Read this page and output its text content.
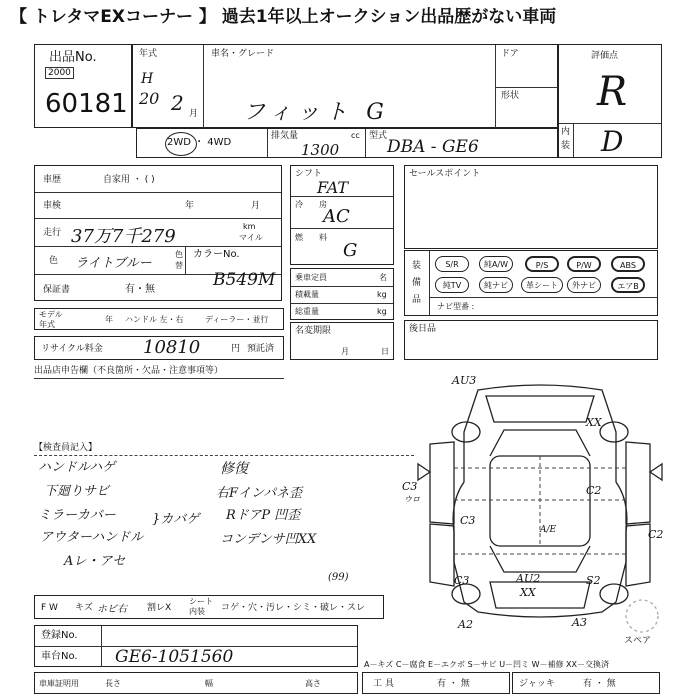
【 トレタマEXコーナー 】 過去1年以上オークション出品歴がない車両
出品No.
2000
60181
年式	車名・グレード	ドア
形状
H
20 2 月 フィット G
評価点
内
装
R
D
2WD ・ 4WD
排気量	cc
1300
型式
DBA - GE6
車歴	自家用 ・ ( )
車検	年	月
走行 37万7千279	km
マイル
色 ライトブルー
色
替
カラーNo.
保証書	有・無	B549M
シフト
FAT
冷 房
AC
燃 料
G
乗車定員	名
積載量	kg
総重量	kg
モデル
年式
年 ハンドル 左・右	ディーラー・並行
リサイクル料金 10810	円 預託済
名変期限
月	日
セールスポイント
装
備
品
S/R	純A/W	P/S	P/W	ABS
純TV	純ナビ	革シート	外ナビ	エアB
ナビ型番 :
後日品
出品店申告欄（不良箇所・欠品・注意事項等）
【検査員記入】
ハンドルハゲ
下廻りサビ
ミラーカバー
アウターハンドル
Aレ・アセ
}カバゲ
修復
右Fインパネ歪
RドアP 凹歪
コンデンサ凹XX
F W キズ ホビ右 割レX
シート
内装 コゲ・穴・汚レ・シミ・破レ・スレ
(99)
登録No.
車台No. GE6-1051560
車庫証明用	長さ	幅	高さ
A－キズ C－腐食 E－エクボ S－サビ U－凹ミ W－補修 XX－交換済
工 具	有 ・ 無	ジャッキ	有 ・ 無
AU3
XX
C3
ウロ
C3
C2
C2
A/E
C3	AU2
XX
S2
A2	A3
スペア
